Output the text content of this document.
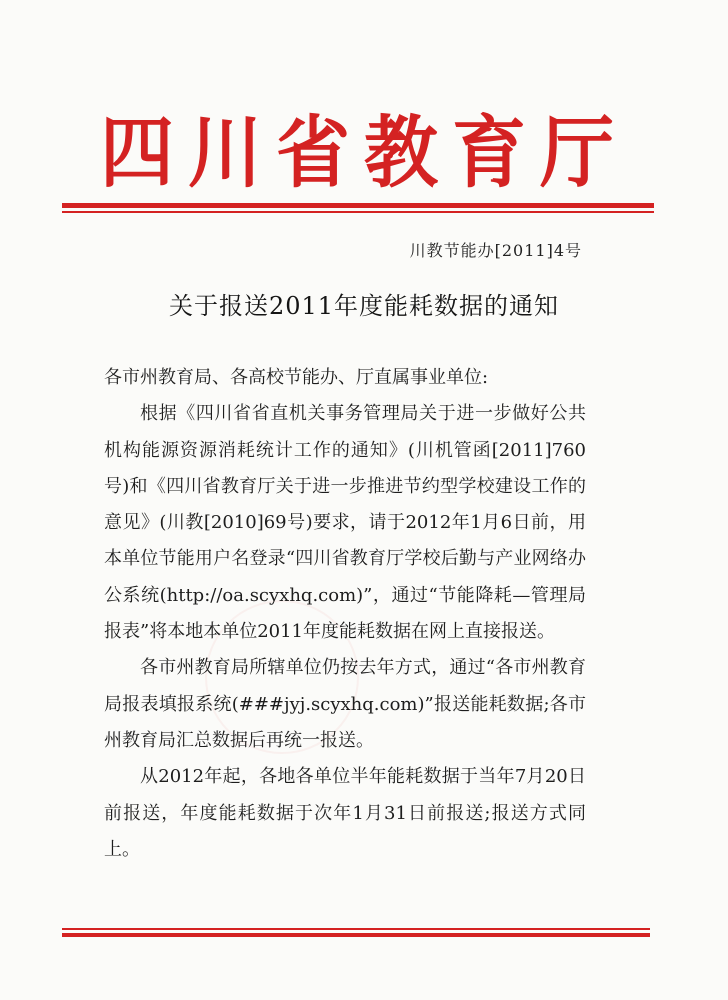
四川省教育厅
川教节能办[2011]4号
关于报送2011年度能耗数据的通知

各市州教育局、各高校节能办、厅直属事业单位:

根据《四川省省直机关事务管理局关于进一步做好公共机构能源资源消耗统计工作的通知》(川机管函[2011]760号)和《四川省教育厅关于进一步推进节约型学校建设工作的意见》(川教[2010]69号)要求，请于2012年1月6日前，用本单位节能用户名登录“四川省教育厅学校后勤与产业网络办公系统(http://oa.scyxhq.com)”，通过“节能降耗—管理局报表”将本地本单位2011年度能耗数据在网上直接报送。

各市州教育局所辖单位仍按去年方式，通过“各市州教育局报表填报系统(###jyj.scyxhq.com)”报送能耗数据;各市州教育局汇总数据后再统一报送。

从2012年起，各地各单位半年能耗数据于当年7月20日前报送，年度能耗数据于次年1月31日前报送;报送方式同上。
